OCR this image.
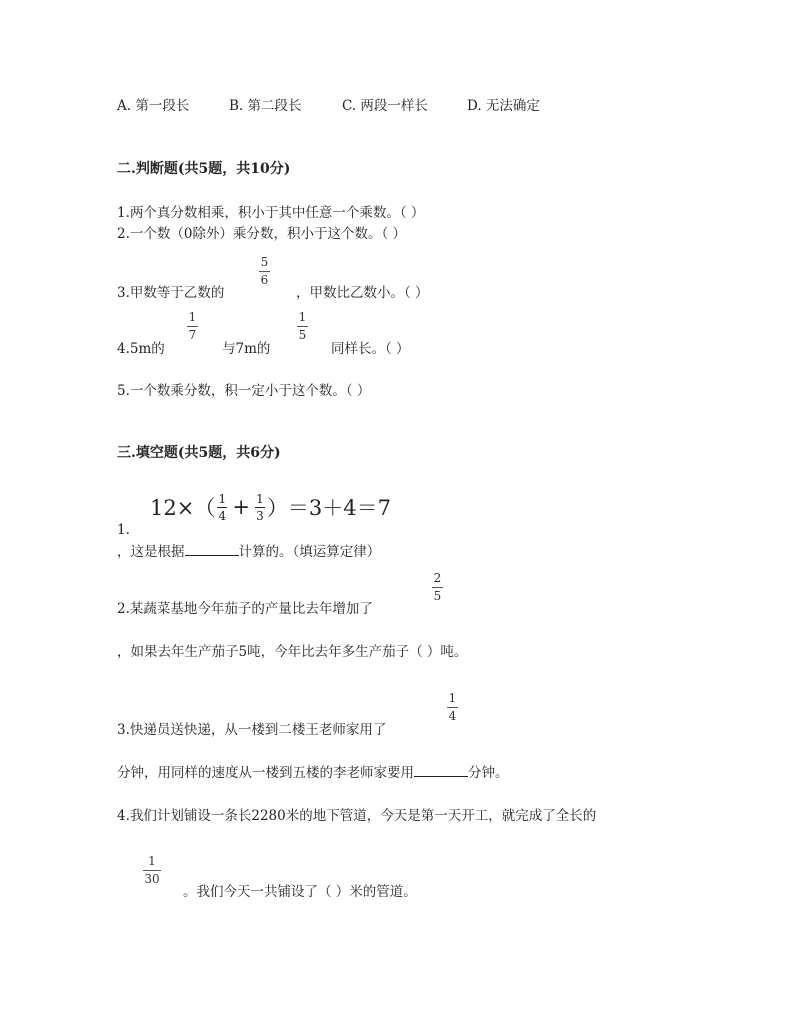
A. 第一段长	B. 第二段长	C. 两段一样长	D. 无法确定
二.判断题(共5题，共10分)
1.两个真分数相乘，积小于其中任意一个乘数。（ ）
2.一个数（0除外）乘分数，积小于这个数。（ ）
3.甲数等于乙数的
5
6
，甲数比乙数小。（ ）
4.5m的
1
7
与7m的
1
5
同样长。（ ）
5.一个数乘分数，积一定小于这个数。（ ）
三.填空题(共5题，共6分)
12×（ 1
4 + 1
3 ）＝3＋4＝7
1.
，这是根据	计算的。（填运算定律）
2.某蔬菜基地今年茄子的产量比去年增加了
2
5
，如果去年生产茄子5吨，今年比去年多生产茄子（ ）吨。
3.快递员送快递，从一楼到二楼王老师家用了
1
4
分钟，用同样的速度从一楼到五楼的李老师家要用	分钟。
4.我们计划铺设一条长2280米的地下管道，今天是第一天开工，就完成了全长的
1
30
。我们今天一共铺设了（ ）米的管道。
